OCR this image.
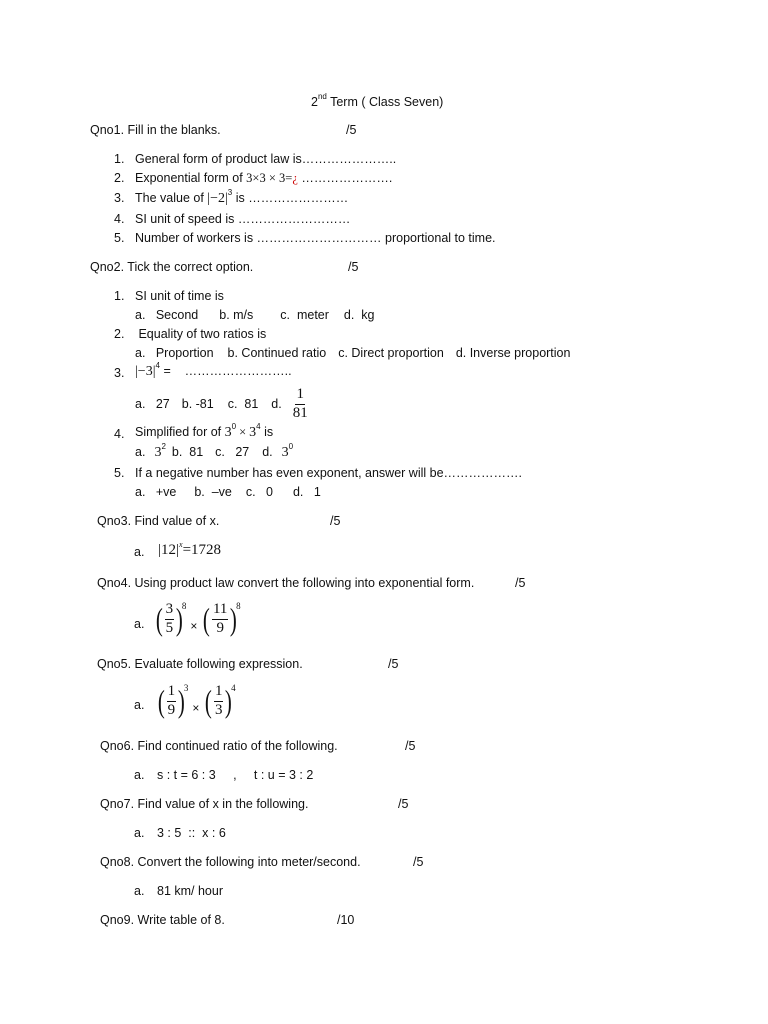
2nd Term ( Class Seven)
Qno1. Fill in the blanks.	/5
1. General form of product law is…………………..
2. Exponential form of 3×3 × 3=¿ ………………….
3. The value of $|-2|^3$ is ……………………
4. SI unit of speed is ………………………
5. Number of workers is ………………………… proportional to time.
Qno2. Tick the correct option.	/5
1. SI unit of time is
a.   Second b. m/s c.  meter d.  kg
2. Equality of two ratios is
a.   Proportion b. Continued ratio c. Direct proportion d. Inverse proportion
3. $|-3|^4$ =    ……………………..
a.   27 b. -81 c.  81 d. $\frac{1}{81}$
4. Simplified for of $3^0 \times 3^4$ is
a. $3^2$ b.  81 c.   27 d. $3^0$
5. If a negative number has even exponent, answer will be……………….
a.   +ve b.  –ve c.   0 d.   1
Qno3. Find value of x.	/5
a. $|12|^x=1728$
Qno4. Using product law convert the following into exponential form.	/5
a. ( $\frac{3}{5}$ )
8
× ( $\frac{11}{9}$ )
8
Qno5. Evaluate following expression.	/5
a. ( $\frac{1}{9}$ )
3
× ( $\frac{1}{3}$ )
4
Qno6. Find continued ratio of the following.	/5
a. s : t = 6 : 3     ,     t : u = 3 : 2
Qno7. Find value of x in the following.	/5
a. 3 : 5  ::  x : 6
Qno8. Convert the following into meter/second.	/5
a. 81 km/ hour
Qno9. Write table of 8.	/10
